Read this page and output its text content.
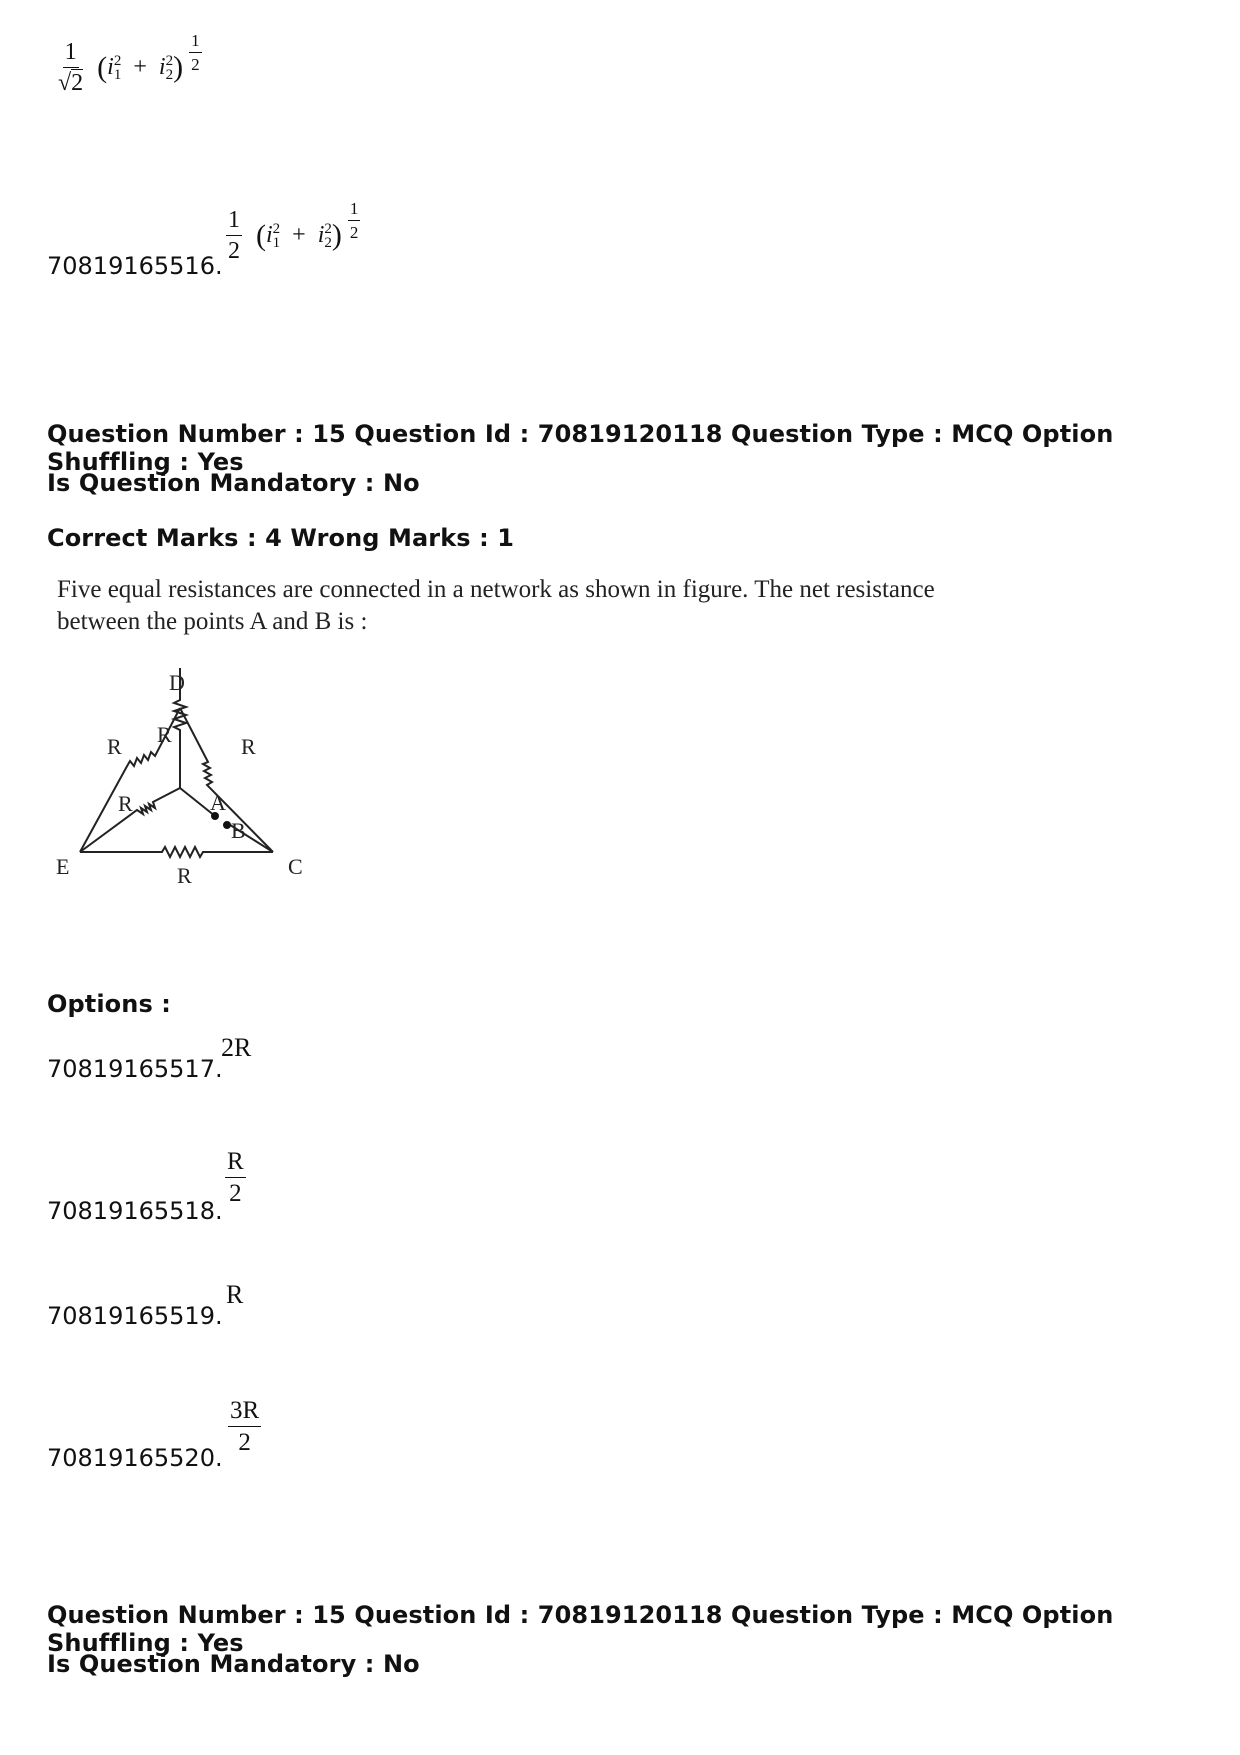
$\frac{1}{√2} (i$ 2
1 + i 2
2 ) $\frac{1}{2}$
70819165516.
$\frac{1}{2} (i$ 2
1 + i 2
2 ) $\frac{1}{2}$
Question Number : 15 Question Id : 70819120118 Question Type : MCQ Option Shuffling : Yes
Is Question Mandatory : No
Correct Marks : 4 Wrong Marks : 1
Five equal resistances are connected in a network as shown in figure. The net resistance
between the points A and B is :
D
E	C
A
B
R R	R
R
R
Options :
70819165517.
2R
70819165518.
$\frac{R}{2}$
70819165519.
R
70819165520.
$\frac{3R}{2}$
Question Number : 15 Question Id : 70819120118 Question Type : MCQ Option Shuffling : Yes
Is Question Mandatory : No
